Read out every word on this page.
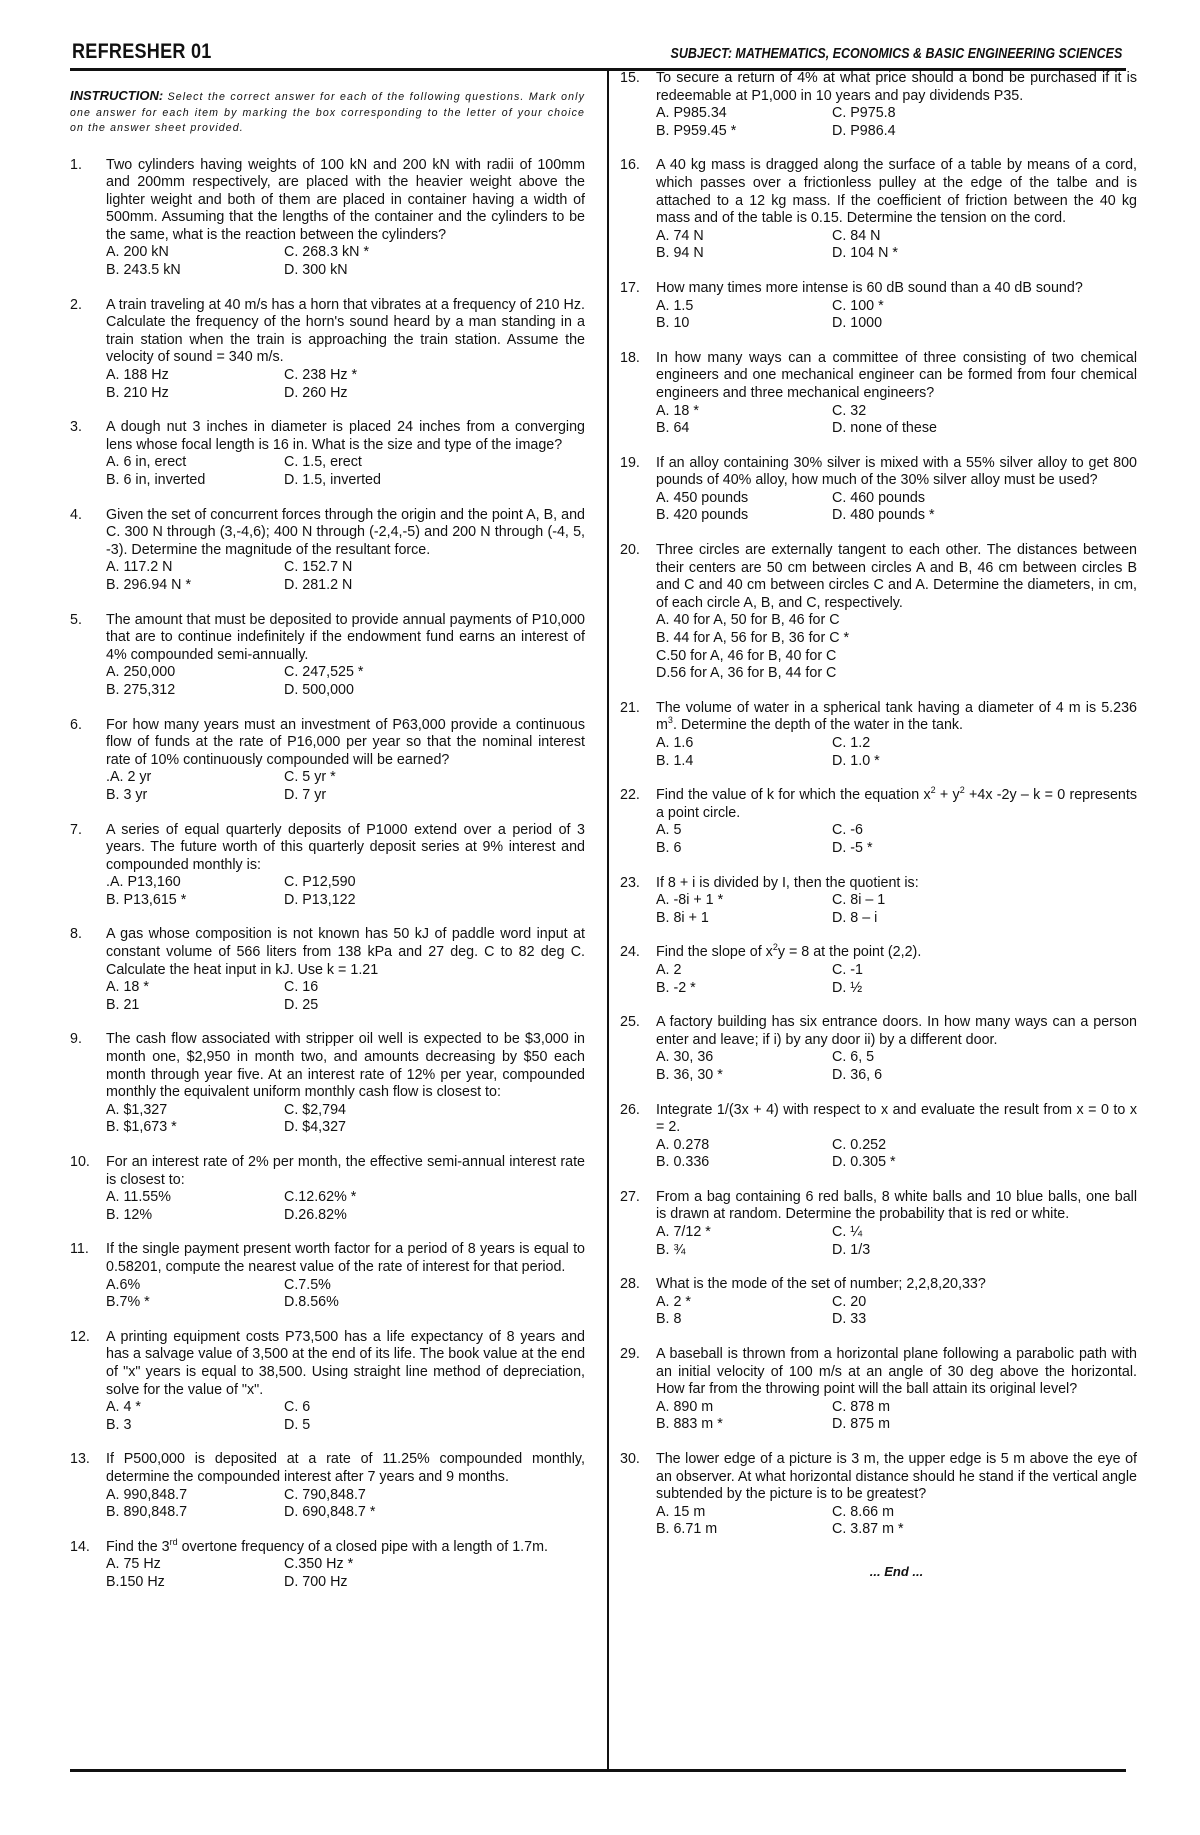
REFRESHER 01	SUBJECT: MATHEMATICS, ECONOMICS & BASIC ENGINEERING SCIENCES
INSTRUCTION: Select the correct answer for each of the following questions. Mark only one answer for each item by marking the box corresponding to the letter of your choice on the answer sheet provided.
1. Two cylinders having weights of 100 kN and 200 kN with radii of 100mm and 200mm respectively, are placed with the heavier weight above the lighter weight and both of them are placed in container having a width of 500mm. Assuming that the lengths of the container and the cylinders to be the same, what is the reaction between the cylinders?
A. 200 kN	C. 268.3 kN *
B. 243.5 kN	D. 300 kN
2. A train traveling at 40 m/s has a horn that vibrates at a frequency of 210 Hz. Calculate the frequency of the horn's sound heard by a man standing in a train station when the train is approaching the train station. Assume the velocity of sound = 340 m/s.
A. 188 Hz	C. 238 Hz *
B. 210 Hz	D. 260 Hz
3. A dough nut 3 inches in diameter is placed 24 inches from a converging lens whose focal length is 16 in. What is the size and type of the image?
A. 6 in, erect	C. 1.5, erect
B. 6 in, inverted	D. 1.5, inverted
4. Given the set of concurrent forces through the origin and the point A, B, and C. 300 N through (3,-4,6); 400 N through (-2,4,-5) and 200 N through (-4, 5, -3). Determine the magnitude of the resultant force.
A. 117.2 N	C. 152.7 N
B. 296.94 N *	D. 281.2 N
5. The amount that must be deposited to provide annual payments of P10,000 that are to continue indefinitely if the endowment fund earns an interest of 4% compounded semi-annually.
A. 250,000	C. 247,525 *
B. 275,312	D. 500,000
6. For how many years must an investment of P63,000 provide a continuous flow of funds at the rate of P16,000 per year so that the nominal interest rate of 10% continuously compounded will be earned?
.A. 2 yr	C. 5 yr *
B. 3 yr	D. 7 yr
7. A series of equal quarterly deposits of P1000 extend over a period of 3 years. The future worth of this quarterly deposit series at 9% interest and compounded monthly is:
.A. P13,160	C. P12,590
B. P13,615 *	D. P13,122
8. A gas whose composition is not known has 50 kJ of paddle word input at constant volume of 566 liters from 138 kPa and 27 deg. C to 82 deg C. Calculate the heat input in kJ. Use k = 1.21
A. 18 *	C. 16
B. 21	D. 25
9. The cash flow associated with stripper oil well is expected to be $3,000 in month one, $2,950 in month two, and amounts decreasing by $50 each month through year five. At an interest rate of 12% per year, compounded monthly the equivalent uniform monthly cash flow is closest to:
A. $1,327	C. $2,794
B. $1,673 *	D. $4,327
10. For an interest rate of 2% per month, the effective semi-annual interest rate is closest to:
A. 11.55%	C.12.62% *
B. 12%	D.26.82%
11. If the single payment present worth factor for a period of 8 years is equal to 0.58201, compute the nearest value of the rate of interest for that period.
A.6%	C.7.5%
B.7% *	D.8.56%
12. A printing equipment costs P73,500 has a life expectancy of 8 years and has a salvage value of 3,500 at the end of its life. The book value at the end of "x" years is equal to 38,500. Using straight line method of depreciation, solve for the value of "x".
A. 4 *	C. 6
B. 3	D. 5
13. If P500,000 is deposited at a rate of 11.25% compounded monthly, determine the compounded interest after 7 years and 9 months.
A. 990,848.7	C. 790,848.7
B. 890,848.7	D. 690,848.7 *
14. Find the 3rd overtone frequency of a closed pipe with a length of 1.7m.
A. 75 Hz	C.350 Hz *
B.150 Hz	D. 700 Hz
15. To secure a return of 4% at what price should a bond be purchased if it is redeemable at P1,000 in 10 years and pay dividends P35.
A. P985.34	C. P975.8
B. P959.45 *	D. P986.4
16. A 40 kg mass is dragged along the surface of a table by means of a cord, which passes over a frictionless pulley at the edge of the talbe and is attached to a 12 kg mass. If the coefficient of friction between the 40 kg mass and of the table is 0.15. Determine the tension on the cord.
A. 74 N	C. 84 N
B. 94 N	D. 104 N *
17. How many times more intense is 60 dB sound than a 40 dB sound?
A. 1.5	C. 100 *
B. 10	D. 1000
18. In how many ways can a committee of three consisting of two chemical engineers and one mechanical engineer can be formed from four chemical engineers and three mechanical engineers?
A. 18 *	C. 32
B. 64	D. none of these
19. If an alloy containing 30% silver is mixed with a 55% silver alloy to get 800 pounds of 40% alloy, how much of the 30% silver alloy must be used?
A. 450 pounds	C. 460 pounds
B. 420 pounds	D. 480 pounds *
20. Three circles are externally tangent to each other. The distances between their centers are 50 cm between circles A and B, 46 cm between circles B and C and 40 cm between circles C and A. Determine the diameters, in cm, of each circle A, B, and C, respectively.
A. 40 for A, 50 for B, 46 for C
B. 44 for A, 56 for B, 36 for C *
C.50 for A, 46 for B, 40 for C
D.56 for A, 36 for B, 44 for C
21. The volume of water in a spherical tank having a diameter of 4 m is 5.236 $m^3$. Determine the depth of the water in the tank.
A. 1.6	C. 1.2
B. 1.4	D. 1.0 *
22. Find the value of k for which the equation $x^2 + y^2 +4x$ -2y – k = 0 represents a point circle.
A. 5	C. -6
B. 6	D. -5 *
23. If 8 + i is divided by I, then the quotient is:
A. -8i + 1 *	C. 8i – 1
B. 8i + 1	D. 8 – i
24. Find the slope of $x^2y = 8$ at the point (2,2).
A. 2	C. -1
B. -2 *	D. ½
25. A factory building has six entrance doors. In how many ways can a person enter and leave; if i) by any door ii) by a different door.
A. 30, 36	C. 6, 5
B. 36, 30 *	D. 36, 6
26. Integrate 1/(3x + 4) with respect to x and evaluate the result from x = 0 to x = 2.
A. 0.278	C. 0.252
B. 0.336	D. 0.305 *
27. From a bag containing 6 red balls, 8 white balls and 10 blue balls, one ball is drawn at random. Determine the probability that is red or white.
A. 7/12 *	C. ¼
B. ¾	D. 1/3
28. What is the mode of the set of number; 2,2,8,20,33?
A. 2 *	C. 20
B. 8	D. 33
29. A baseball is thrown from a horizontal plane following a parabolic path with an initial velocity of 100 m/s at an angle of 30 deg above the horizontal. How far from the throwing point will the ball attain its original level?
A. 890 m	C. 878 m
B. 883 m *	D. 875 m
30. The lower edge of a picture is 3 m, the upper edge is 5 m above the eye of an observer. At what horizontal distance should he stand if the vertical angle subtended by the picture is to be greatest?
A. 15 m	C. 8.66 m
B. 6.71 m	C. 3.87 m *
... End ...
